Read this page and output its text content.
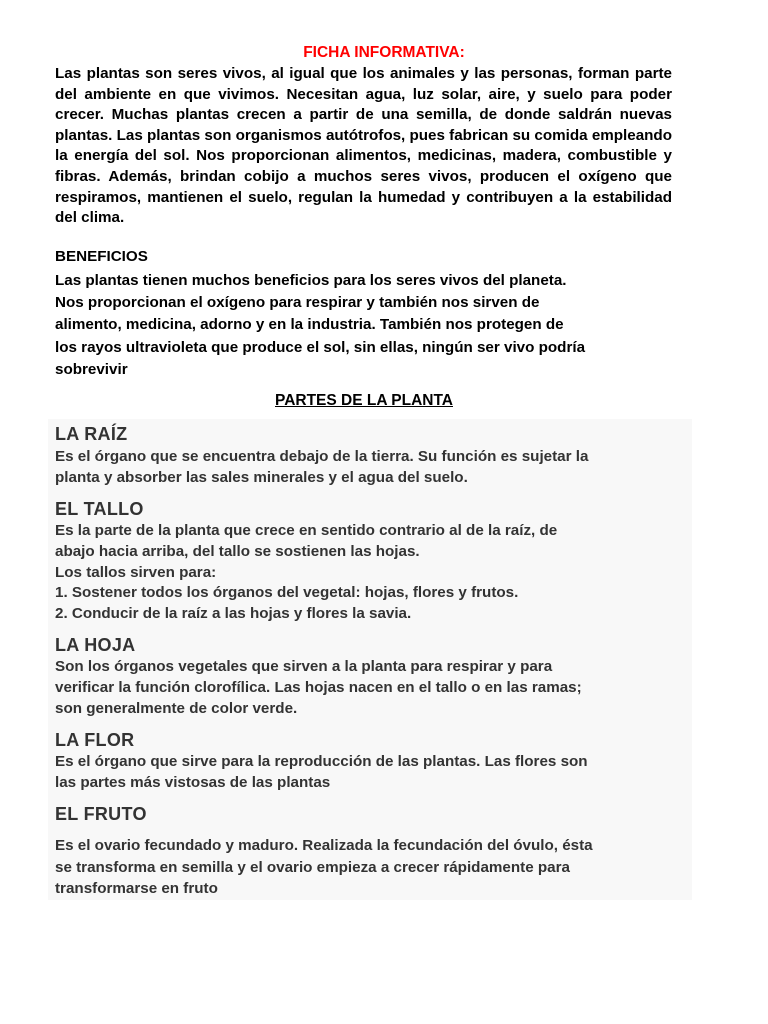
FICHA INFORMATIVA:
Las plantas son seres vivos, al igual que los animales y las personas, forman parte del ambiente en que vivimos. Necesitan agua, luz solar, aire, y suelo para poder crecer. Muchas plantas crecen a partir de una semilla, de donde saldrán nuevas plantas. Las plantas son organismos autótrofos, pues fabrican su comida empleando la energía del sol. Nos proporcionan alimentos, medicinas, madera, combustible y fibras. Además, brindan cobijo a muchos seres vivos, producen el oxígeno que respiramos, mantienen el suelo, regulan la humedad y contribuyen a la estabilidad del clima.
BENEFICIOS
Las plantas tienen muchos beneficios para los seres vivos del planeta.
Nos proporcionan el oxígeno para respirar y también nos sirven de
alimento, medicina, adorno y en la industria. También nos protegen de
los rayos ultravioleta que produce el sol, sin ellas, ningún ser vivo podría
sobrevivir
PARTES DE LA PLANTA
LA RAÍZ
Es el órgano que se encuentra debajo de la tierra. Su función es sujetar la
planta y absorber las sales minerales y el agua del suelo.
EL TALLO
Es la parte de la planta que crece en sentido contrario al de la raíz, de
abajo hacia arriba, del tallo se sostienen las hojas.
Los tallos sirven para:
1. Sostener todos los órganos del vegetal: hojas, flores y frutos.
2. Conducir de la raíz a las hojas y flores la savia.
LA HOJA
Son los órganos vegetales que sirven a la planta para respirar y para
verificar la función clorofílica. Las hojas nacen en el tallo o en las ramas;
son generalmente de color verde.
LA FLOR
Es el órgano que sirve para la reproducción de las plantas. Las flores son
las partes más vistosas de las plantas
EL FRUTO
Es el ovario fecundado y maduro. Realizada la fecundación del óvulo, ésta
se transforma en semilla y el ovario empieza a crecer rápidamente para
transformarse en fruto
